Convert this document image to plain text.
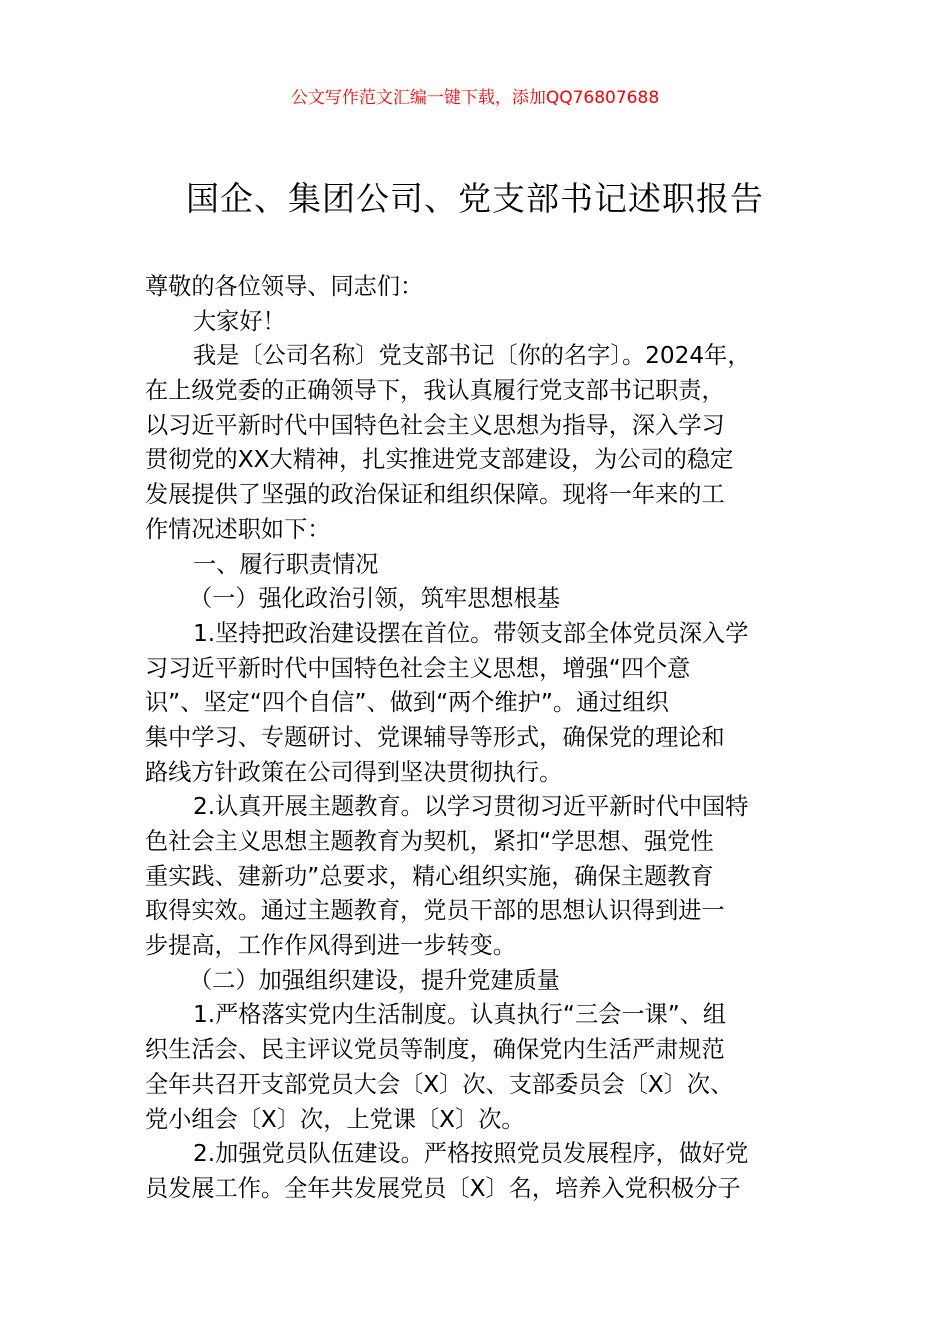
公文写作范文汇编一键下载，添加QQ76807688
国企、集团公司、党支部书记述职报告
尊敬的各位领导、同志们：
大家好！
我是〔公司名称〕党支部书记〔你的名字〕。2024年，
在上级党委的正确领导下，我认真履行党支部书记职责，
以习近平新时代中国特色社会主义思想为指导，深入学习
贯彻党的XX大精神，扎实推进党支部建设，为公司的稳定
发展提供了坚强的政治保证和组织保障。现将一年来的工
作情况述职如下：
一、履行职责情况
（一）强化政治引领，筑牢思想根基
1.坚持把政治建设摆在首位。带领支部全体党员深入学
习习近平新时代中国特色社会主义思想，增强“四个意
识”、坚定“四个自信”、做到“两个维护”。通过组织
集中学习、专题研讨、党课辅导等形式，确保党的理论和
路线方针政策在公司得到坚决贯彻执行。
2.认真开展主题教育。以学习贯彻习近平新时代中国特
色社会主义思想主题教育为契机，紧扣“学思想、强党性
重实践、建新功”总要求，精心组织实施，确保主题教育
取得实效。通过主题教育，党员干部的思想认识得到进一
步提高，工作作风得到进一步转变。
（二）加强组织建设，提升党建质量
1.严格落实党内生活制度。认真执行“三会一课”、组
织生活会、民主评议党员等制度，确保党内生活严肃规范
全年共召开支部党员大会〔X〕次、支部委员会〔X〕次、
党小组会〔X〕次，上党课〔X〕次。
2.加强党员队伍建设。严格按照党员发展程序，做好党
员发展工作。全年共发展党员〔X〕名，培养入党积极分子
